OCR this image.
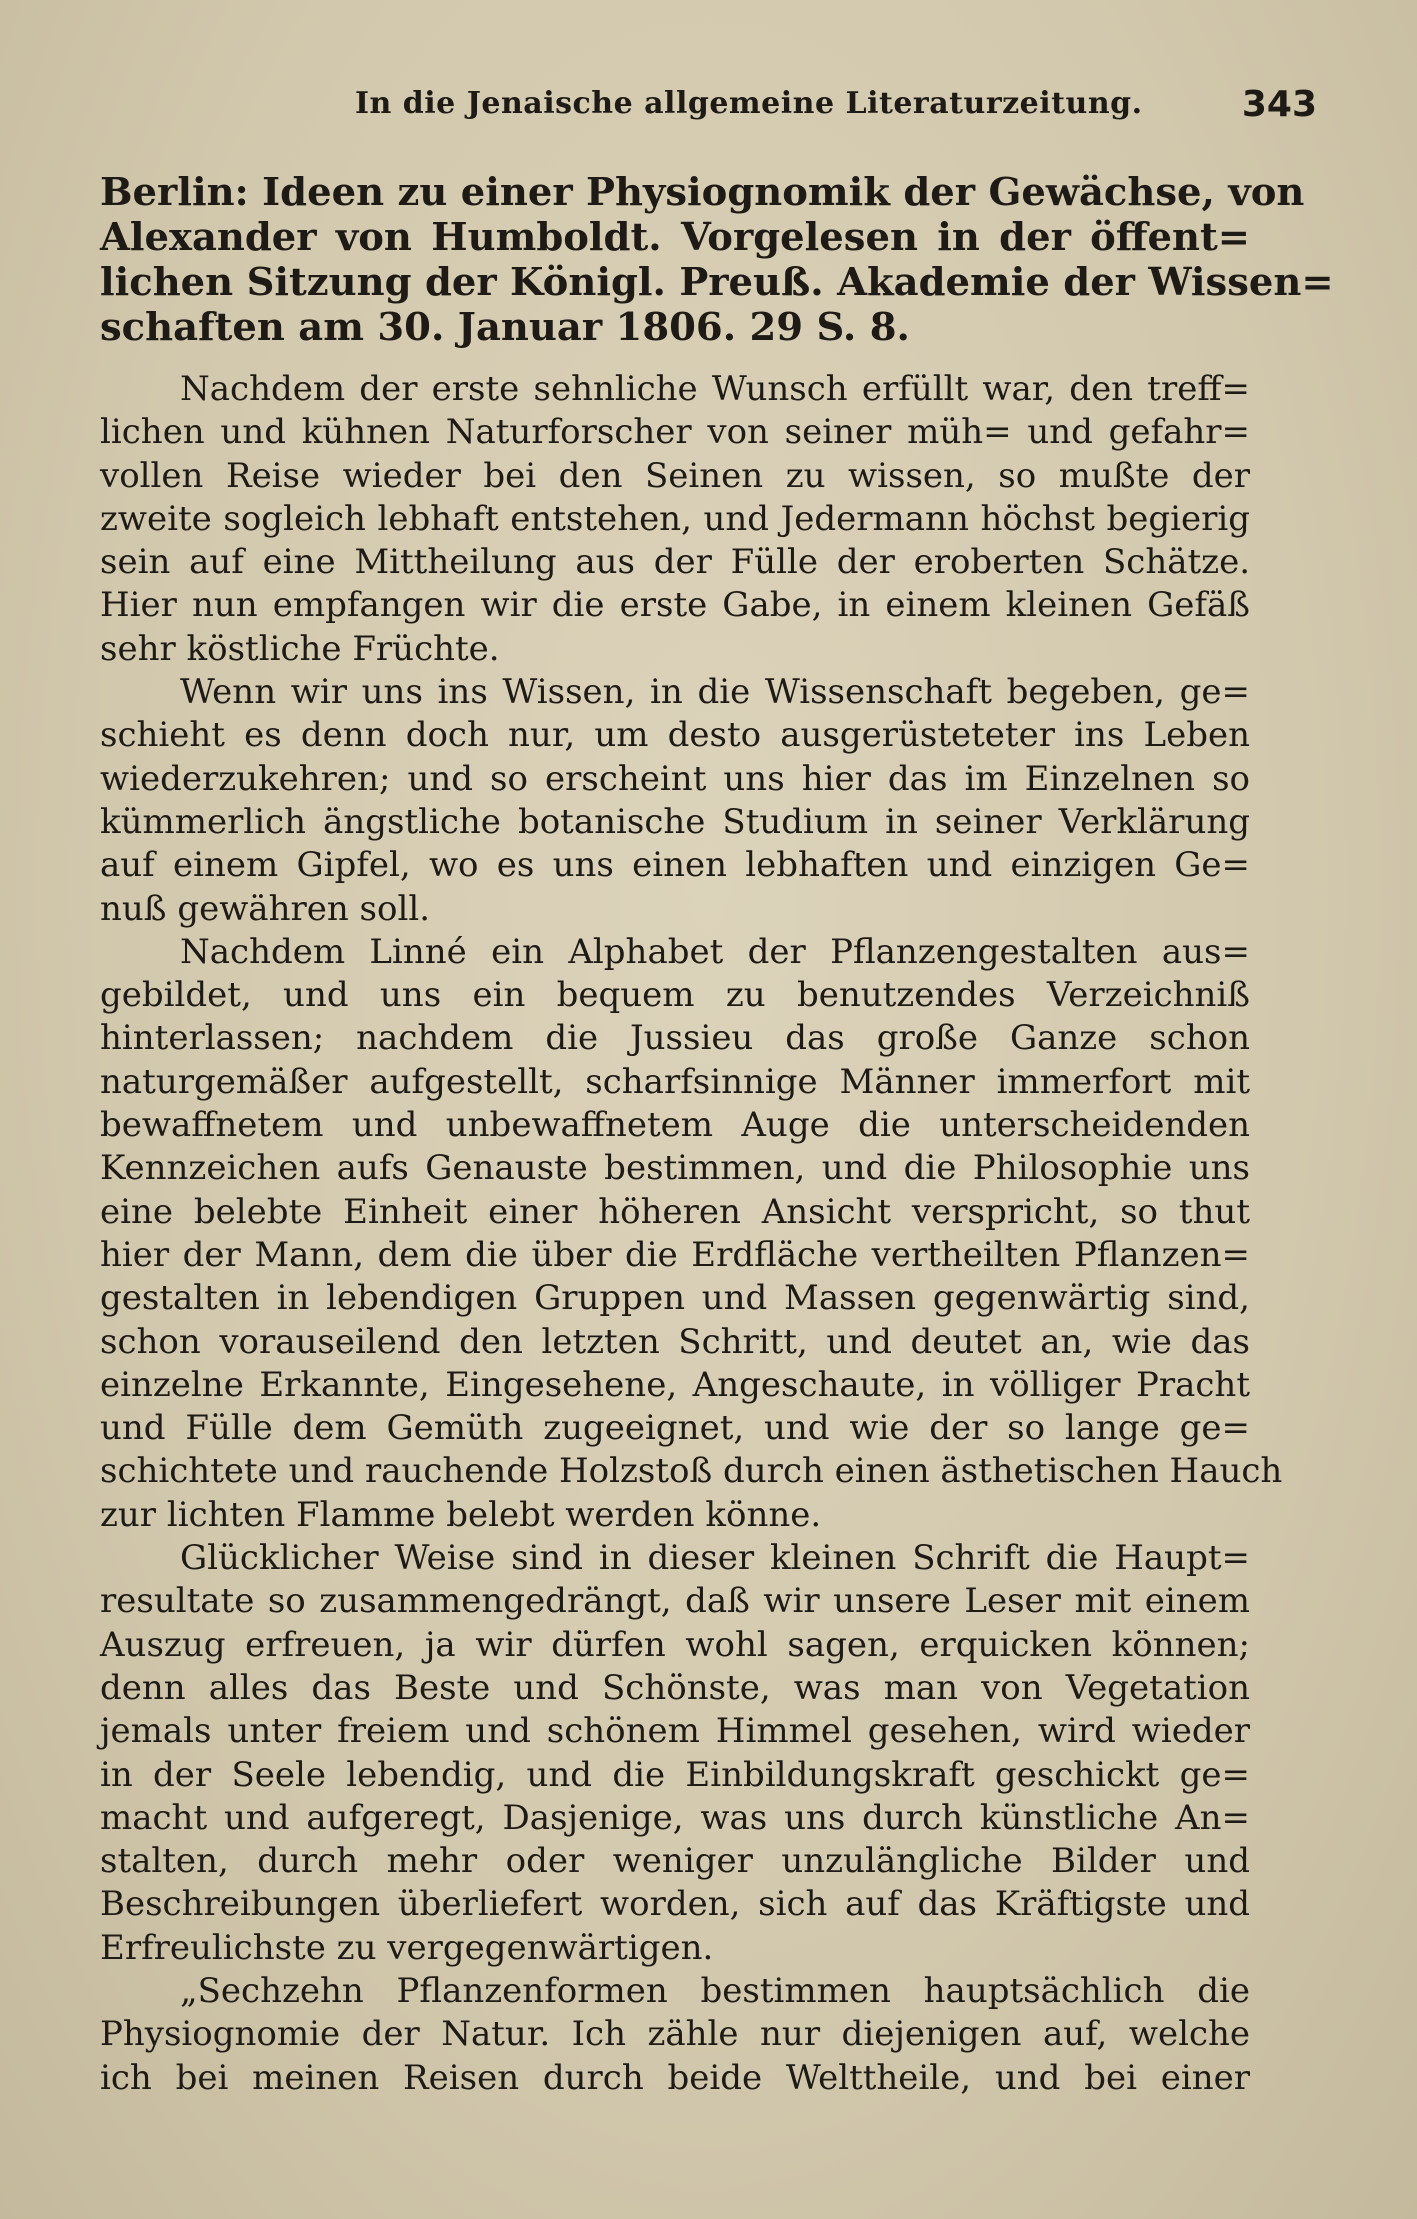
In die Jenaische allgemeine Literaturzeitung.	343
Berlin: Ideen zu einer Physiognomik der Gewächse, von Alexander von Humboldt. Vorgelesen in der öffent= lichen Sitzung der Königl. Preuß. Akademie der Wissen= schaften am 30. Januar 1806. 29 S. 8.
Nachdem der erste sehnliche Wunsch erfüllt war, den treff=
lichen und kühnen Naturforscher von seiner müh= und gefahr=
vollen Reise wieder bei den Seinen zu wissen, so mußte der
zweite sogleich lebhaft entstehen, und Jedermann höchst begierig
sein auf eine Mittheilung aus der Fülle der eroberten Schätze.
Hier nun empfangen wir die erste Gabe, in einem kleinen Gefäß
sehr köstliche Früchte.
Wenn wir uns ins Wissen, in die Wissenschaft begeben, ge=
schieht es denn doch nur, um desto ausgerüsteteter ins Leben
wiederzukehren; und so erscheint uns hier das im Einzelnen so
kümmerlich ängstliche botanische Studium in seiner Verklärung
auf einem Gipfel, wo es uns einen lebhaften und einzigen Ge=
nuß gewähren soll.
Nachdem Linné ein Alphabet der Pflanzengestalten aus=
gebildet, und uns ein bequem zu benutzendes Verzeichniß
hinterlassen; nachdem die Jussieu das große Ganze schon
naturgemäßer aufgestellt, scharfsinnige Männer immerfort mit
bewaffnetem und unbewaffnetem Auge die unterscheidenden
Kennzeichen aufs Genauste bestimmen, und die Philosophie uns
eine belebte Einheit einer höheren Ansicht verspricht, so thut
hier der Mann, dem die über die Erdfläche vertheilten Pflanzen=
gestalten in lebendigen Gruppen und Massen gegenwärtig sind,
schon vorauseilend den letzten Schritt, und deutet an, wie das
einzelne Erkannte, Eingesehene, Angeschaute, in völliger Pracht
und Fülle dem Gemüth zugeeignet, und wie der so lange ge=
schichtete und rauchende Holzstoß durch einen ästhetischen Hauch
zur lichten Flamme belebt werden könne.
Glücklicher Weise sind in dieser kleinen Schrift die Haupt=
resultate so zusammengedrängt, daß wir unsere Leser mit einem
Auszug erfreuen, ja wir dürfen wohl sagen, erquicken können;
denn alles das Beste und Schönste, was man von Vegetation
jemals unter freiem und schönem Himmel gesehen, wird wieder
in der Seele lebendig, und die Einbildungskraft geschickt ge=
macht und aufgeregt, Dasjenige, was uns durch künstliche An=
stalten, durch mehr oder weniger unzulängliche Bilder und
Beschreibungen überliefert worden, sich auf das Kräftigste und
Erfreulichste zu vergegenwärtigen.
„Sechzehn Pflanzenformen bestimmen hauptsächlich die
Physiognomie der Natur. Ich zähle nur diejenigen auf, welche
ich bei meinen Reisen durch beide Welttheile, und bei einer
